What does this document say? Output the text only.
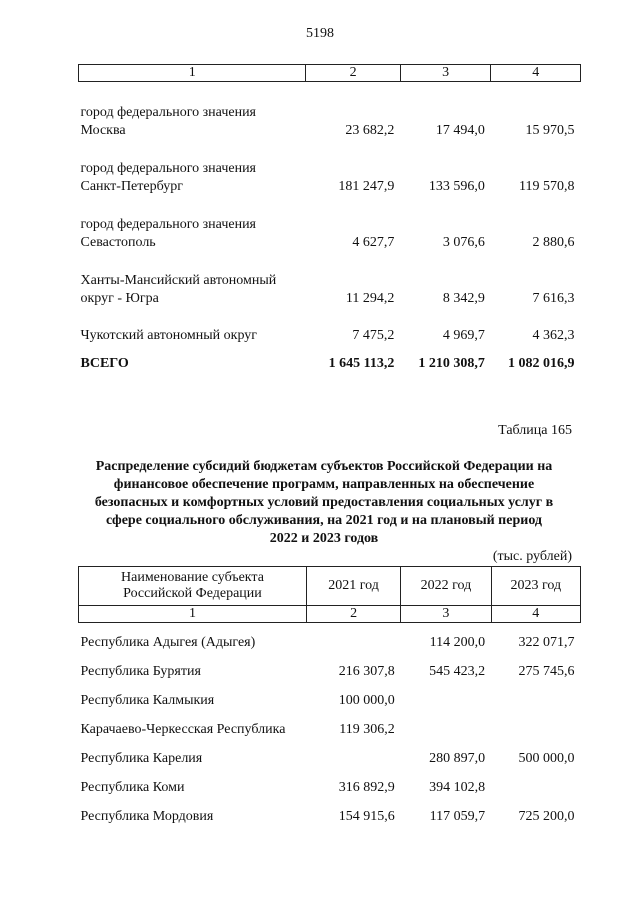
5198
1	2	3	4
город федерального значения
Москва	23 682,2	17 494,0	15 970,5
город федерального значения
Санкт-Петербург	181 247,9	133 596,0	119 570,8
город федерального значения
Севастополь	4 627,7	3 076,6	2 880,6
Ханты-Мансийский автономный
округ - Югра	11 294,2	8 342,9	7 616,3
Чукотский автономный округ	7 475,2	4 969,7	4 362,3
ВСЕГО	1 645 113,2	1 210 308,7	1 082 016,9
Таблица 165
Распределение субсидий бюджетам субъектов Российской Федерации на
финансовое обеспечение программ, направленных на обеспечение
безопасных и комфортных условий предоставления социальных услуг в
сфере социального обслуживания, на 2021 год и на плановый период
2022 и 2023 годов
(тыс. рублей)
Наименование субъекта
Российской Федерации	2021 год	2022 год	2023 год
1	2	3	4
Республика Адыгея (Адыгея)		114 200,0	322 071,7
Республика Бурятия	216 307,8	545 423,2	275 745,6
Республика Калмыкия	100 000,0		
Карачаево-Черкесская Республика	119 306,2		
Республика Карелия		280 897,0	500 000,0
Республика Коми	316 892,9	394 102,8	
Республика Мордовия	154 915,6	117 059,7	725 200,0
